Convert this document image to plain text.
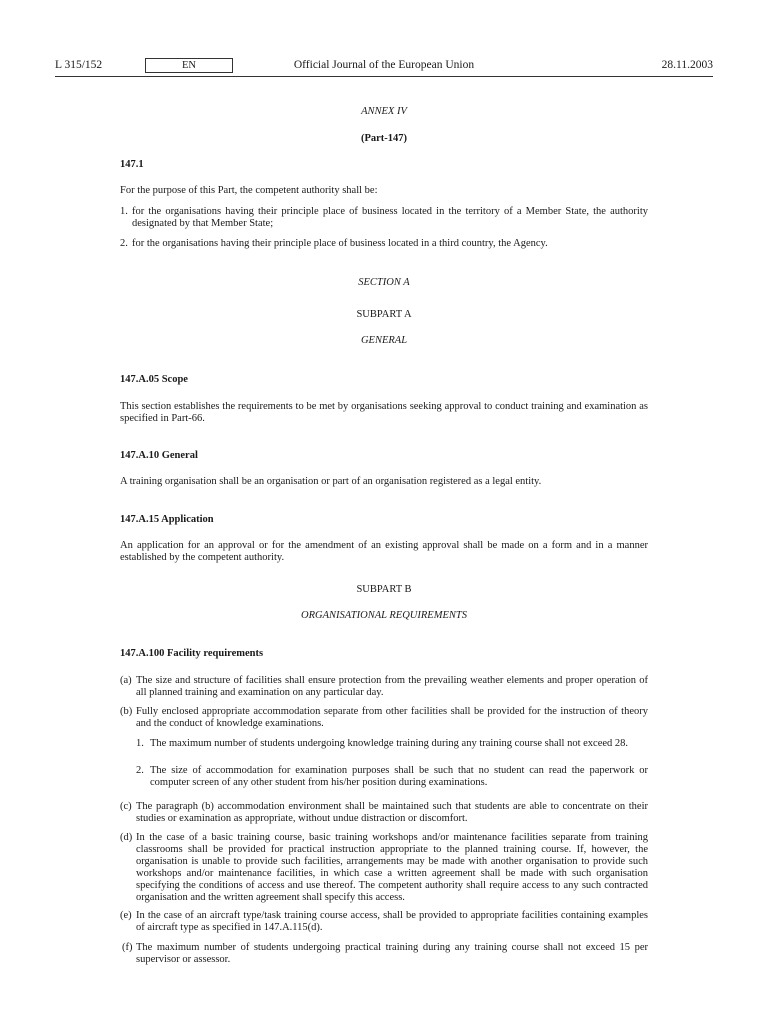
L 315/152	EN	Official Journal of the European Union	28.11.2003
ANNEX IV
(Part-147)
147.1
For the purpose of this Part, the competent authority shall be:
1. for the organisations having their principle place of business located in the territory of a Member State, the authority designated by that Member State;
2. for the organisations having their principle place of business located in a third country, the Agency.
SECTION A
SUBPART A
GENERAL
147.A.05 Scope
This section establishes the requirements to be met by organisations seeking approval to conduct training and examination as specified in Part-66.
147.A.10 General
A training organisation shall be an organisation or part of an organisation registered as a legal entity.
147.A.15 Application
An application for an approval or for the amendment of an existing approval shall be made on a form and in a manner established by the competent authority.
SUBPART B
ORGANISATIONAL REQUIREMENTS
147.A.100 Facility requirements
(a) The size and structure of facilities shall ensure protection from the prevailing weather elements and proper operation of all planned training and examination on any particular day.
(b) Fully enclosed appropriate accommodation separate from other facilities shall be provided for the instruction of theory and the conduct of knowledge examinations.
1. The maximum number of students undergoing knowledge training during any training course shall not exceed 28.
2. The size of accommodation for examination purposes shall be such that no student can read the paperwork or computer screen of any other student from his/her position during examinations.
(c) The paragraph (b) accommodation environment shall be maintained such that students are able to concentrate on their studies or examination as appropriate, without undue distraction or discomfort.
(d) In the case of a basic training course, basic training workshops and/or maintenance facilities separate from training classrooms shall be provided for practical instruction appropriate to the planned training course. If, however, the organisation is unable to provide such facilities, arrangements may be made with another organisation to provide such workshops and/or maintenance facilities, in which case a written agreement shall be made with such organisation specifying the conditions of access and use thereof. The competent authority shall require access to any such contracted organisation and the written agreement shall specify this access.
(e) In the case of an aircraft type/task training course access, shall be provided to appropriate facilities containing examples of aircraft type as specified in 147.A.115(d).
(f) The maximum number of students undergoing practical training during any training course shall not exceed 15 per supervisor or assessor.
